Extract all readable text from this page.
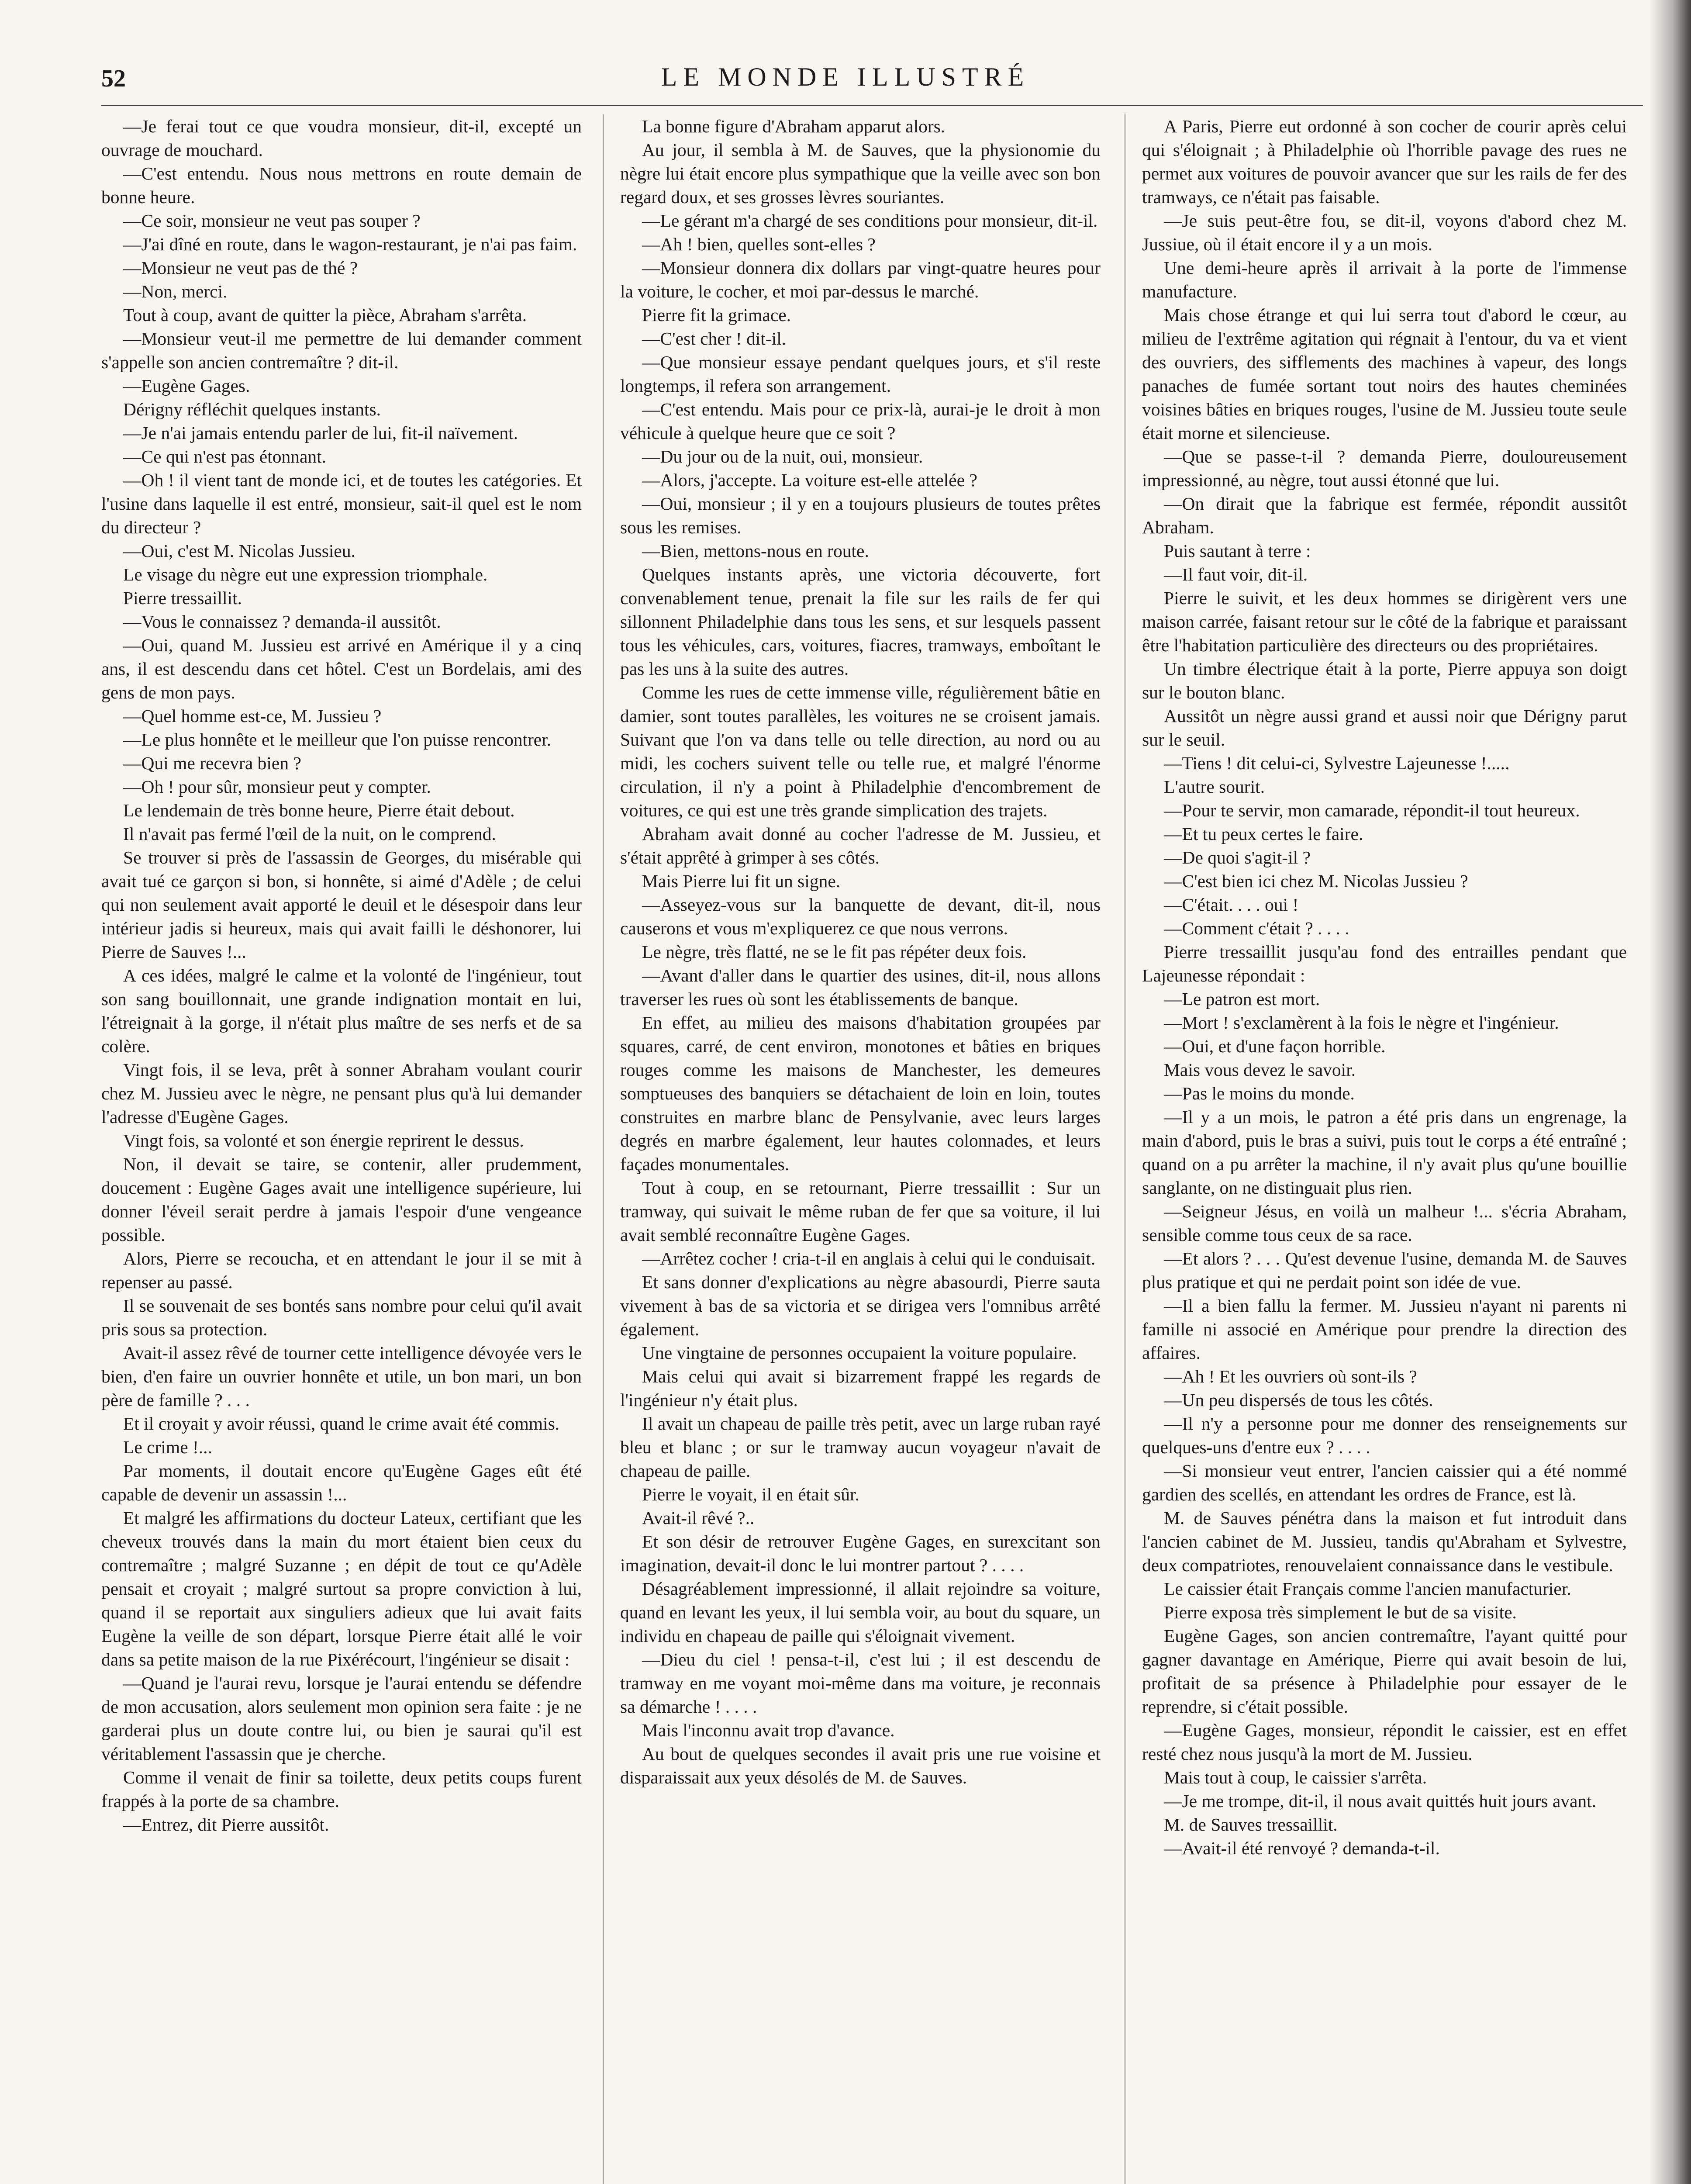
52	LE MONDE ILLUSTRÉ

—Je ferai tout ce que voudra monsieur, dit-il, excepté un ouvrage de mouchard.

—C'est entendu. Nous nous mettrons en route demain de bonne heure.

—Ce soir, monsieur ne veut pas souper ?

—J'ai dîné en route, dans le wagon-restaurant, je n'ai pas faim.

—Monsieur ne veut pas de thé ?

—Non, merci.

Tout à coup, avant de quitter la pièce, Abraham s'arrêta.

—Monsieur veut-il me permettre de lui demander comment s'appelle son ancien contremaître ? dit-il.

—Eugène Gages.

Dérigny réfléchit quelques instants.

—Je n'ai jamais entendu parler de lui, fit-il naïvement.

—Ce qui n'est pas étonnant.

—Oh ! il vient tant de monde ici, et de toutes les catégories. Et l'usine dans laquelle il est entré, monsieur, sait-il quel est le nom du directeur ?

—Oui, c'est M. Nicolas Jussieu.

Le visage du nègre eut une expression triomphale.

Pierre tressaillit.

—Vous le connaissez ? demanda-il aussitôt.

—Oui, quand M. Jussieu est arrivé en Amérique il y a cinq ans, il est descendu dans cet hôtel. C'est un Bordelais, ami des gens de mon pays.

—Quel homme est-ce, M. Jussieu ?

—Le plus honnête et le meilleur que l'on puisse rencontrer.

—Qui me recevra bien ?

—Oh ! pour sûr, monsieur peut y compter.

Le lendemain de très bonne heure, Pierre était debout.

Il n'avait pas fermé l'œil de la nuit, on le comprend.

Se trouver si près de l'assassin de Georges, du misérable qui avait tué ce garçon si bon, si honnête, si aimé d'Adèle ; de celui qui non seulement avait apporté le deuil et le désespoir dans leur intérieur jadis si heureux, mais qui avait failli le déshonorer, lui Pierre de Sauves !...

A ces idées, malgré le calme et la volonté de l'ingénieur, tout son sang bouillonnait, une grande indignation montait en lui, l'étreignait à la gorge, il n'était plus maître de ses nerfs et de sa colère.

Vingt fois, il se leva, prêt à sonner Abraham voulant courir chez M. Jussieu avec le nègre, ne pensant plus qu'à lui demander l'adresse d'Eugène Gages.

Vingt fois, sa volonté et son énergie reprirent le dessus.

Non, il devait se taire, se contenir, aller prudemment, doucement : Eugène Gages avait une intelligence supérieure, lui donner l'éveil serait perdre à jamais l'espoir d'une vengeance possible.

Alors, Pierre se recoucha, et en attendant le jour il se mit à repenser au passé.

Il se souvenait de ses bontés sans nombre pour celui qu'il avait pris sous sa protection.

Avait-il assez rêvé de tourner cette intelligence dévoyée vers le bien, d'en faire un ouvrier honnête et utile, un bon mari, un bon père de famille ? . . .

Et il croyait y avoir réussi, quand le crime avait été commis.

Le crime !...

Par moments, il doutait encore qu'Eugène Gages eût été capable de devenir un assassin !...

Et malgré les affirmations du docteur Lateux, certifiant que les cheveux trouvés dans la main du mort étaient bien ceux du contremaître ; malgré Suzanne ; en dépit de tout ce qu'Adèle pensait et croyait ; malgré surtout sa propre conviction à lui, quand il se reportait aux singuliers adieux que lui avait faits Eugène la veille de son départ, lorsque Pierre était allé le voir dans sa petite maison de la rue Pixérécourt, l'ingénieur se disait :

—Quand je l'aurai revu, lorsque je l'aurai entendu se défendre de mon accusation, alors seulement mon opinion sera faite : je ne garderai plus un doute contre lui, ou bien je saurai qu'il est véritablement l'assassin que je cherche.

Comme il venait de finir sa toilette, deux petits coups furent frappés à la porte de sa chambre.

—Entrez, dit Pierre aussitôt.

La bonne figure d'Abraham apparut alors.

Au jour, il sembla à M. de Sauves, que la physionomie du nègre lui était encore plus sympathique que la veille avec son bon regard doux, et ses grosses lèvres souriantes.

—Le gérant m'a chargé de ses conditions pour monsieur, dit-il.

—Ah ! bien, quelles sont-elles ?

—Monsieur donnera dix dollars par vingt-quatre heures pour la voiture, le cocher, et moi par-dessus le marché.

Pierre fit la grimace.

—C'est cher ! dit-il.

—Que monsieur essaye pendant quelques jours, et s'il reste longtemps, il refera son arrangement.

—C'est entendu. Mais pour ce prix-là, aurai-je le droit à mon véhicule à quelque heure que ce soit ?

—Du jour ou de la nuit, oui, monsieur.

—Alors, j'accepte. La voiture est-elle attelée ?

—Oui, monsieur ; il y en a toujours plusieurs de toutes prêtes sous les remises.

—Bien, mettons-nous en route.

Quelques instants après, une victoria découverte, fort convenablement tenue, prenait la file sur les rails de fer qui sillonnent Philadelphie dans tous les sens, et sur lesquels passent tous les véhicules, cars, voitures, fiacres, tramways, emboîtant le pas les uns à la suite des autres.

Comme les rues de cette immense ville, régulièrement bâtie en damier, sont toutes parallèles, les voitures ne se croisent jamais. Suivant que l'on va dans telle ou telle direction, au nord ou au midi, les cochers suivent telle ou telle rue, et malgré l'énorme circulation, il n'y a point à Philadelphie d'encombrement de voitures, ce qui est une très grande simplication des trajets.

Abraham avait donné au cocher l'adresse de M. Jussieu, et s'était apprêté à grimper à ses côtés.

Mais Pierre lui fit un signe.

—Asseyez-vous sur la banquette de devant, dit-il, nous causerons et vous m'expliquerez ce que nous verrons.

Le nègre, très flatté, ne se le fit pas répéter deux fois.

—Avant d'aller dans le quartier des usines, dit-il, nous allons traverser les rues où sont les établissements de banque.

En effet, au milieu des maisons d'habitation groupées par squares, carré, de cent environ, monotones et bâties en briques rouges comme les maisons de Manchester, les demeures somptueuses des banquiers se détachaient de loin en loin, toutes construites en marbre blanc de Pensylvanie, avec leurs larges degrés en marbre également, leur hautes colonnades, et leurs façades monumentales.

Tout à coup, en se retournant, Pierre tressaillit : Sur un tramway, qui suivait le même ruban de fer que sa voiture, il lui avait semblé reconnaître Eugène Gages.

—Arrêtez cocher ! cria-t-il en anglais à celui qui le conduisait.

Et sans donner d'explications au nègre abasourdi, Pierre sauta vivement à bas de sa victoria et se dirigea vers l'omnibus arrêté également.

Une vingtaine de personnes occupaient la voiture populaire.

Mais celui qui avait si bizarrement frappé les regards de l'ingénieur n'y était plus.

Il avait un chapeau de paille très petit, avec un large ruban rayé bleu et blanc ; or sur le tramway aucun voyageur n'avait de chapeau de paille.

Pierre le voyait, il en était sûr.

Avait-il rêvé ?..

Et son désir de retrouver Eugène Gages, en surexcitant son imagination, devait-il donc le lui montrer partout ? . . . .

Désagréablement impressionné, il allait rejoindre sa voiture, quand en levant les yeux, il lui sembla voir, au bout du square, un individu en chapeau de paille qui s'éloignait vivement.

—Dieu du ciel ! pensa-t-il, c'est lui ; il est descendu de tramway en me voyant moi-même dans ma voiture, je reconnais sa démarche ! . . . .

Mais l'inconnu avait trop d'avance.

Au bout de quelques secondes il avait pris une rue voisine et disparaissait aux yeux désolés de M. de Sauves.

A Paris, Pierre eut ordonné à son cocher de courir après celui qui s'éloignait ; à Philadelphie où l'horrible pavage des rues ne permet aux voitures de pouvoir avancer que sur les rails de fer des tramways, ce n'était pas faisable.

—Je suis peut-être fou, se dit-il, voyons d'abord chez M. Jussiue, où il était encore il y a un mois.

Une demi-heure après il arrivait à la porte de l'immense manufacture.

Mais chose étrange et qui lui serra tout d'abord le cœur, au milieu de l'extrême agitation qui régnait à l'entour, du va et vient des ouvriers, des sifflements des machines à vapeur, des longs panaches de fumée sortant tout noirs des hautes cheminées voisines bâties en briques rouges, l'usine de M. Jussieu toute seule était morne et silencieuse.

—Que se passe-t-il ? demanda Pierre, douloureusement impressionné, au nègre, tout aussi étonné que lui.

—On dirait que la fabrique est fermée, répondit aussitôt Abraham.

Puis sautant à terre :

—Il faut voir, dit-il.

Pierre le suivit, et les deux hommes se dirigèrent vers une maison carrée, faisant retour sur le côté de la fabrique et paraissant être l'habitation particulière des directeurs ou des propriétaires.

Un timbre électrique était à la porte, Pierre appuya son doigt sur le bouton blanc.

Aussitôt un nègre aussi grand et aussi noir que Dérigny parut sur le seuil.

—Tiens ! dit celui-ci, Sylvestre Lajeunesse !.....

L'autre sourit.

—Pour te servir, mon camarade, répondit-il tout heureux.

—Et tu peux certes le faire.

—De quoi s'agit-il ?

—C'est bien ici chez M. Nicolas Jussieu ?

—C'était. . . . oui !

—Comment c'était ? . . . .

Pierre tressaillit jusqu'au fond des entrailles pendant que Lajeunesse répondait :

—Le patron est mort.

—Mort ! s'exclamèrent à la fois le nègre et l'ingénieur.

—Oui, et d'une façon horrible.

Mais vous devez le savoir.

—Pas le moins du monde.

—Il y a un mois, le patron a été pris dans un engrenage, la main d'abord, puis le bras a suivi, puis tout le corps a été entraîné ; quand on a pu arrêter la machine, il n'y avait plus qu'une bouillie sanglante, on ne distinguait plus rien.

—Seigneur Jésus, en voilà un malheur !... s'écria Abraham, sensible comme tous ceux de sa race.

—Et alors ? . . . Qu'est devenue l'usine, demanda M. de Sauves plus pratique et qui ne perdait point son idée de vue.

—Il a bien fallu la fermer. M. Jussieu n'ayant ni parents ni famille ni associé en Amérique pour prendre la direction des affaires.

—Ah ! Et les ouvriers où sont-ils ?

—Un peu dispersés de tous les côtés.

—Il n'y a personne pour me donner des renseignements sur quelques-uns d'entre eux ? . . . .

—Si monsieur veut entrer, l'ancien caissier qui a été nommé gardien des scellés, en attendant les ordres de France, est là.

M. de Sauves pénétra dans la maison et fut introduit dans l'ancien cabinet de M. Jussieu, tandis qu'Abraham et Sylvestre, deux compatriotes, renouvelaient connaissance dans le vestibule.

Le caissier était Français comme l'ancien manufacturier.

Pierre exposa très simplement le but de sa visite.

Eugène Gages, son ancien contremaître, l'ayant quitté pour gagner davantage en Amérique, Pierre qui avait besoin de lui, profitait de sa présence à Philadelphie pour essayer de le reprendre, si c'était possible.

—Eugène Gages, monsieur, répondit le caissier, est en effet resté chez nous jusqu'à la mort de M. Jussieu.

Mais tout à coup, le caissier s'arrêta.

—Je me trompe, dit-il, il nous avait quittés huit jours avant.

M. de Sauves tressaillit.

—Avait-il été renvoyé ? demanda-t-il.
